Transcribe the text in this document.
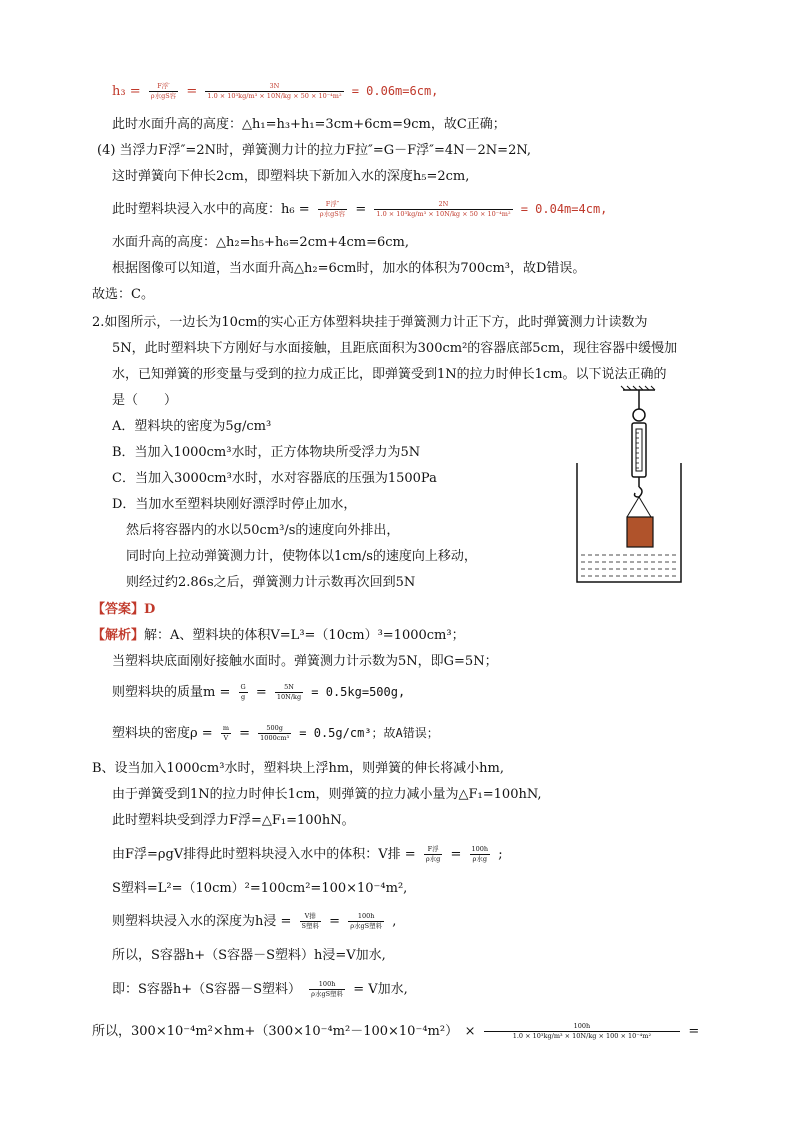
$h_3 = \frac{\text{F浮′}}{\text{ρ水gS容}} = \frac{3N}{\text{1.0 × 10³kg/m³ × 10N/kg × 50 × 10⁻⁴m²}} = 0.06m=6cm$,
此时水面升高的高度：△h₁=h₃+h₁=3cm+6cm=9cm，故C正确；
(4) 当浮力F浮″=2N时，弹簧测力计的拉力F拉″=G－F浮″=4N－2N=2N,
这时弹簧向下伸长2cm，即塑料块下新加入水的深度h₅=2cm,
此时塑料块浸入水中的高度：$h_6 = \frac{\text{F浮″}}{\text{ρ水gS容}} = \frac{2N}{\text{1.0 × 10³kg/m³ × 10N/kg × 50 × 10⁻⁴m²}} = 0.04m=4cm$,
水面升高的高度：△h₂=h₅+h₆=2cm+4cm=6cm,
根据图像可以知道，当水面升高△h₂=6cm时，加水的体积为700cm³，故D错误。
故选：C。
2.如图所示，一边长为10cm的实心正方体塑料块挂于弹簧测力计正下方，此时弹簧测力计读数为
5N，此时塑料块下方刚好与水面接触，且距底面积为300cm²的容器底部5cm，现往容器中缓慢加
水，已知弹簧的形变量与受到的拉力成正比，即弹簧受到1N的拉力时伸长1cm。以下说法正确的
是（　　）
A．塑料块的密度为5g/cm³
B．当加入1000cm³水时，正方体物块所受浮力为5N
C．当加入3000cm³水时，水对容器底的压强为1500Pa
D．当加水至塑料块刚好漂浮时停止加水，
然后将容器内的水以50cm³/s的速度向外排出，
同时向上拉动弹簧测力计，使物体以1cm/s的速度向上移动，
则经过约2.86s之后，弹簧测力计示数再次回到5N
【答案】D
【解析】解：A、塑料块的体积V=L³=（10cm）³=1000cm³；
当塑料块底面刚好接触水面时。弹簧测力计示数为5N，即G=5N；
则塑料块的质量$m = \frac{G}{g} = \frac{5N}{10N/kg} = 0.5kg=500g$,
塑料块的密度$\rho = \frac{m}{V} = \frac{500g}{\text{1000cm³}} = 0.5g/cm^3$；故A错误；
B、设当加入1000cm³水时，塑料块上浮hm，则弹簧的伸长将减小hm,
由于弹簧受到1N的拉力时伸长1cm，则弹簧的拉力减小量为△F₁=100hN,
此时塑料块受到浮力F浮=△F₁=100hN。
由F浮=ρgV排得此时塑料块浸入水中的体积：V排 = $\frac{\text{F浮}}{\text{ρ水g}} = \frac{100h}{\text{ρ水g}}$ ;
S塑料=L²=（10cm）²=100cm²=100×10⁻⁴m²,
则塑料块浸入水的深度为h浸 = $\frac{\text{V排}}{\text{S塑料}} = \frac{100h}{\text{ρ水gS塑料}}$ ,
所以，S容器h+（S容器－S塑料）h浸=V加水,
即：S容器h+（S容器－S塑料） $\frac{100h}{\text{ρ水gS塑料}} = V$加水,
所以，300×10⁻⁴m²×hm+（300×10⁻⁴m²－100×10⁻⁴m²）　× $\frac{100h}{\text{1.0 × 10³kg/m³ × 10N/kg × 100 × 10⁻⁴m²}}$ =
